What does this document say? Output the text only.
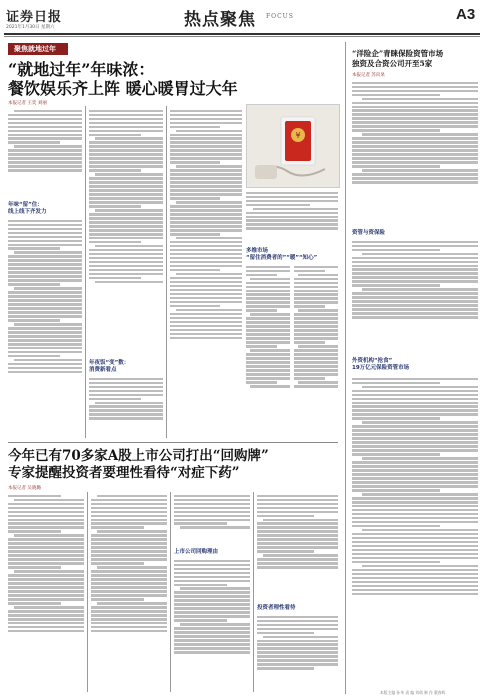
证券日报
2021年1月30日 星期六	热点聚焦 FOCUS	A3
聚焦就地过年
“就地过年”年味浓：
餐饮娱乐齐上阵 暖心暖胃过大年
本报记者 王奕 刘丽
年味“留”住：
线上线下齐发力
年夜饭“变”数：
消费新看点
¥
多维市场
“留住消费者的”“暖”“知心”
今年已有70多家A股上市公司打出“回购牌”
专家提醒投资者要理性看待“对症下药”
本报记者 吴晓璐
上市公司回购理由
投资者理性看待
“洋险企”青睐保险资管市场
独资及合资公司开至5家
本报记者 苏向杲
资管与资保险
外资机构“抢食”
19万亿元保险资管市场
本版主编 孙华 责 编 刘萌 制 作 董春晖
